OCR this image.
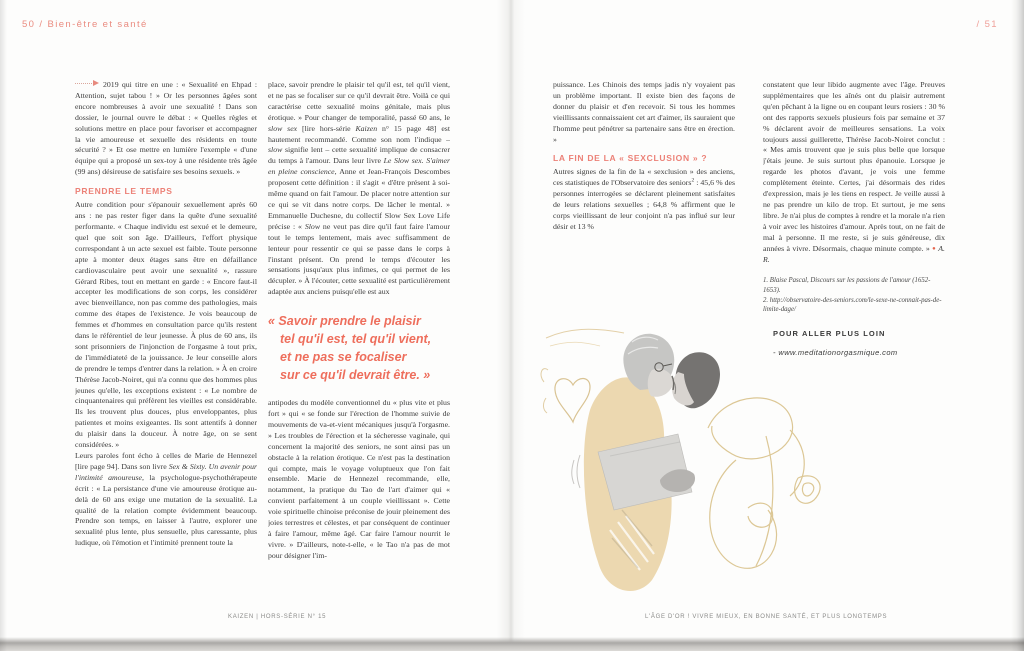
50 / Bien-être et santé	/ 51

2019 qui titre en une : « Sexualité en Ehpad : Attention, sujet tabou ! » Or les personnes âgées sont encore nombreuses à avoir une sexualité ! Dans son dossier, le journal ouvre le débat : « Quelles règles et solutions mettre en place pour favoriser et accompagner la vie amoureuse et sexuelle des résidents en toute sécurité ? » Et ose mettre en lumière l'exemple « d'une équipe qui a proposé un sex-toy à une résidente très âgée (99 ans) désireuse de satisfaire ses besoins sexuels. »

PRENDRE LE TEMPS

Autre condition pour s'épanouir sexuellement après 60 ans : ne pas rester figer dans la quête d'une sexualité performante. « Chaque individu est sexué et le demeure, quel que soit son âge. D'ailleurs, l'effort physique correspondant à un acte sexuel est faible. Toute personne apte à monter deux étages sans être en défaillance cardiovasculaire peut avoir une sexualité », rassure Gérard Ribes, tout en mettant en garde : « Encore faut-il accepter les modifications de son corps, les considérer avec bienveillance, non pas comme des pathologies, mais comme des étapes de l'existence. Je vois beaucoup de femmes et d'hommes en consultation parce qu'ils restent dans le référentiel de leur jeunesse. À plus de 60 ans, ils sont prisonniers de l'injonction de l'orgasme à tout prix, de l'immédiateté de la jouissance. Je leur conseille alors de prendre le temps d'entrer dans la relation. » À en croire Thérèse Jacob-Noiret, qui n'a connu que des hommes plus jeunes qu'elle, les exceptions existent : « Le nombre de cinquantenaires qui préfèrent les vieilles est considérable. Ils les trouvent plus douces, plus enveloppantes, plus patientes et moins exigeantes. Ils sont attentifs à donner du plaisir dans la douceur. À notre âge, on se sent considérées. »

Leurs paroles font écho à celles de Marie de Hennezel [lire page 94]. Dans son livre Sex & Sixty. Un avenir pour l'intimité amoureuse, la psychologue-psychothérapeute écrit : « La persistance d'une vie amoureuse érotique au-delà de 60 ans exige une mutation de la sexualité. La qualité de la relation compte évidemment beaucoup. Prendre son temps, en laisser à l'autre, explorer une sexualité plus lente, plus sensuelle, plus caressante, plus ludique, où l'émotion et l'intimité prennent toute la

place, savoir prendre le plaisir tel qu'il est, tel qu'il vient, et ne pas se focaliser sur ce qu'il devrait être. Voilà ce qui caractérise cette sexualité moins génitale, mais plus érotique. » Pour changer de temporalité, passé 60 ans, le slow sex [lire hors-série Kaizen n° 15 page 48] est hautement recommandé. Comme son nom l'indique – slow signifie lent – cette sexualité implique de consacrer du temps à l'amour. Dans leur livre Le Slow sex. S'aimer en pleine conscience, Anne et Jean-François Descombes proposent cette définition : il s'agit « d'être présent à soi-même quand on fait l'amour. De placer notre attention sur ce qui se vit dans notre corps. De lâcher le mental. » Emmanuelle Duchesne, du collectif Slow Sex Love Life précise : « Slow ne veut pas dire qu'il faut faire l'amour tout le temps lentement, mais avec suffisamment de lenteur pour ressentir ce qui se passe dans le corps à l'instant présent. On prend le temps d'écouter les sensations jusqu'aux plus infimes, ce qui permet de les décupler. » À l'écouter, cette sexualité est particulièrement adaptée aux anciens puisqu'elle est aux

« Savoir prendre le plaisir
tel qu'il est, tel qu'il vient,
et ne pas se focaliser
sur ce qu'il devrait être. »

antipodes du modèle conventionnel du « plus vite et plus fort » qui « se fonde sur l'érection de l'homme suivie de mouvements de va-et-vient mécaniques jusqu'à l'orgasme. » Les troubles de l'érection et la sécheresse vaginale, qui concernent la majorité des seniors, ne sont ainsi pas un obstacle à la relation érotique. Ce n'est pas la destination qui compte, mais le voyage voluptueux que l'on fait ensemble. Marie de Hennezel recommande, elle, notamment, la pratique du Tao de l'art d'aimer qui « convient parfaitement à un couple vieillissant ». Cette voie spirituelle chinoise préconise de jouir pleinement des joies terrestres et célestes, et par conséquent de continuer à faire l'amour, même âgé. Car faire l'amour nourrit le vivre. » D'ailleurs, note-t-elle, « le Tao n'a pas de mot pour désigner l'im-

puissance. Les Chinois des temps jadis n'y voyaient pas un problème important. Il existe bien des façons de donner du plaisir et d'en recevoir. Si tous les hommes vieillissants connaissaient cet art d'aimer, ils sauraient que l'homme peut pénétrer sa partenaire sans être en érection. »

LA FIN DE LA « SEXCLUSION » ?

Autres signes de la fin de la « sexclusion » des anciens, ces statistiques de l'Observatoire des seniors$^2$ : 45,6 % des personnes interrogées se déclarent pleinement satisfaites de leurs relations sexuelles ; 64,8 % affirment que le corps vieillissant de leur conjoint n'a pas influé sur leur désir et 13 %

constatent que leur libido augmente avec l'âge. Preuves supplémentaires que les aînés ont du plaisir autrement qu'en pêchant à la ligne ou en coupant leurs rosiers : 30 % ont des rapports sexuels plusieurs fois par semaine et 37 % déclarent avoir de meilleures sensations. La voix toujours aussi guillerette, Thérèse Jacob-Noiret conclut : « Mes amis trouvent que je suis plus belle que lorsque j'étais jeune. Je suis surtout plus épanouie. Lorsque je regarde les photos d'avant, je vois une femme complètement éteinte. Certes, j'ai désormais des rides d'expression, mais je les tiens en respect. Je veille aussi à ne pas prendre un kilo de trop. Et surtout, je me sens libre. Je n'ai plus de comptes à rendre et la morale n'a rien à voir avec les histoires d'amour. Après tout, on ne fait de mal à personne. Il me reste, si je suis généreuse, dix années à vivre. Désormais, chaque minute compte. » ● A. R.

1. Blaise Pascal, Discours sur les passions de l'amour (1652-1653).
2. http://observatoire-des-seniors.com/le-sexe-ne-connait-pas-de-limite-dage/
POUR ALLER PLUS LOIN
- www.meditationorgasmique.com
KAIZEN | HORS-SÉRIE N° 15	L'ÂGE D'OR ! VIVRE MIEUX, EN BONNE SANTÉ, ET PLUS LONGTEMPS
